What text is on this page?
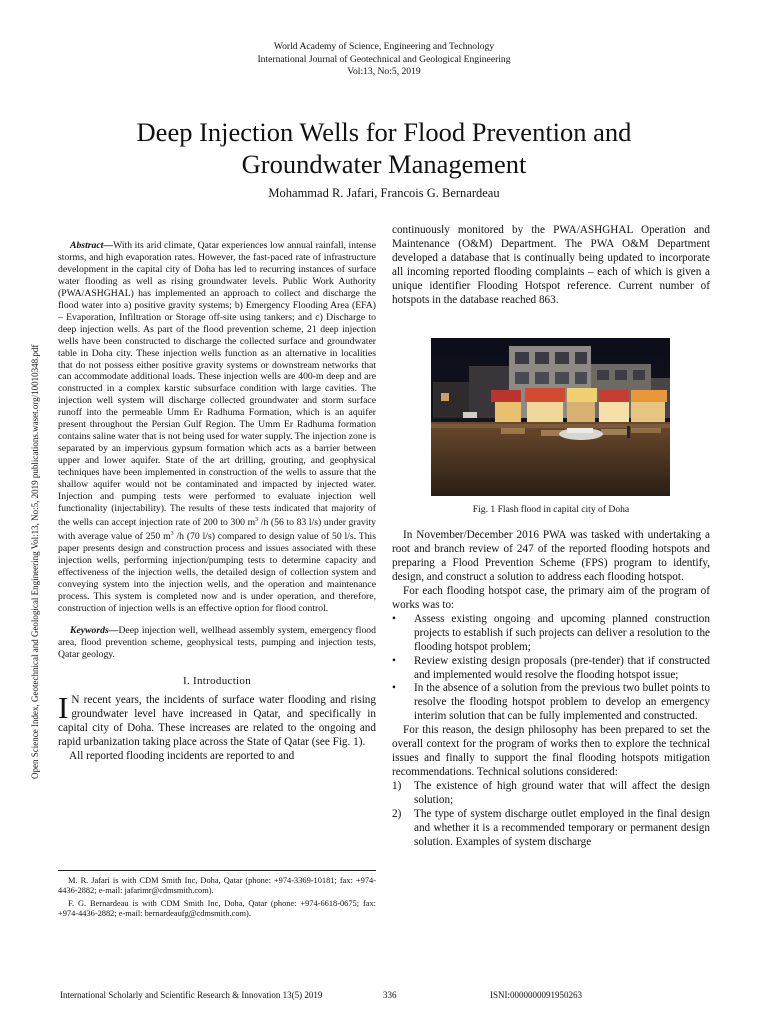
World Academy of Science, Engineering and Technology
International Journal of Geotechnical and Geological Engineering
Vol:13, No:5, 2019
Deep Injection Wells for Flood Prevention and
Groundwater Management
Mohammad R. Jafari, Francois G. Bernardeau
Open Science Index, Geotechnical and Geological Engineering Vol:13, No:5, 2019 publications.waset.org/10010348.pdf

Abstract—With its arid climate, Qatar experiences low annual rainfall, intense storms, and high evaporation rates. However, the fast-paced rate of infrastructure development in the capital city of Doha has led to recurring instances of surface water flooding as well as rising groundwater levels. Public Work Authority (PWA/ASHGHAL) has implemented an approach to collect and discharge the flood water into a) positive gravity systems; b) Emergency Flooding Area (EFA) – Evaporation, Infiltration or Storage off-site using tankers; and c) Discharge to deep injection wells. As part of the flood prevention scheme, 21 deep injection wells have been constructed to discharge the collected surface and groundwater table in Doha city. These injection wells function as an alternative in localities that do not possess either positive gravity systems or downstream networks that can accommodate additional loads. These injection wells are 400-m deep and are constructed in a complex karstic subsurface condition with large cavities. The injection well system will discharge collected groundwater and storm surface runoff into the permeable Umm Er Radhuma Formation, which is an aquifer present throughout the Persian Gulf Region. The Umm Er Radhuma formation contains saline water that is not being used for water supply. The injection zone is separated by an impervious gypsum formation which acts as a barrier between upper and lower aquifer. State of the art drilling, grouting, and geophysical techniques have been implemented in construction of the wells to assure that the shallow aquifer would not be contaminated and impacted by injected water. Injection and pumping tests were performed to evaluate injection well functionality (injectability). The results of these tests indicated that majority of the wells can accept injection rate of 200 to 300 $m^3$ /h (56 to 83 l/s) under gravity with average value of 250 $m^3$ /h (70 l/s) compared to design value of 50 l/s. This paper presents design and construction process and issues associated with these injection wells, performing injection/pumping tests to determine capacity and effectiveness of the injection wells, the detailed design of collection system and conveying system into the injection wells, and the operation and maintenance process. This system is completed now and is under operation, and therefore, construction of injection wells is an effective option for flood control.

Keywords—Deep injection well, wellhead assembly system, emergency flood area, flood prevention scheme, geophysical tests, pumping and injection tests, Qatar geology.

I. Introduction

I N recent years, the incidents of surface water flooding and rising groundwater level have increased in Qatar, and specifically in capital city of Doha. These increases are related to the ongoing and rapid urbanization taking place across the State of Qatar (see Fig. 1).

All reported flooding incidents are reported to and

M. R. Jafari is with CDM Smith Inc, Doha, Qatar (phone: +974-3369-10181; fax: +974-4436-2882; e-mail: jafarimr@cdmsmith.com).

F. G. Bernardeau is with CDM Smith Inc, Doha, Qatar (phone: +974-6618-0675; fax: +974-4436-2882; e-mail: bernardeaufg@cdmsmith.com).

continuously monitored by the PWA/ASHGHAL Operation and Maintenance (O&M) Department. The PWA O&M Department developed a database that is continually being updated to incorporate all incoming reported flooding complaints – each of which is given a unique identifier Flooding Hotspot reference. Current number of hotspots in the database reached 863.

Fig. 1 Flash flood in capital city of Doha

In November/December 2016 PWA was tasked with undertaking a root and branch review of 247 of the reported flooding hotspots and preparing a Flood Prevention Scheme (FPS) program to identify, design, and construct a solution to address each flooding hotspot.

For each flooding hotspot case, the primary aim of the program of works was to:

• Assess existing ongoing and upcoming planned construction projects to establish if such projects can deliver a resolution to the flooding hotspot problem;
• Review existing design proposals (pre-tender) that if constructed and implemented would resolve the flooding hotspot issue;
• In the absence of a solution from the previous two bullet points to resolve the flooding hotspot problem to develop an emergency interim solution that can be fully implemented and constructed.

For this reason, the design philosophy has been prepared to set the overall context for the program of works then to explore the technical issues and finally to support the final flooding hotspots mitigation recommendations. Technical solutions considered:

1) The existence of high ground water that will affect the design solution;
2) The type of system discharge outlet employed in the final design and whether it is a recommended temporary or permanent design solution. Examples of system discharge
International Scholarly and Scientific Research & Innovation 13(5) 2019	336	ISNI:0000000091950263
